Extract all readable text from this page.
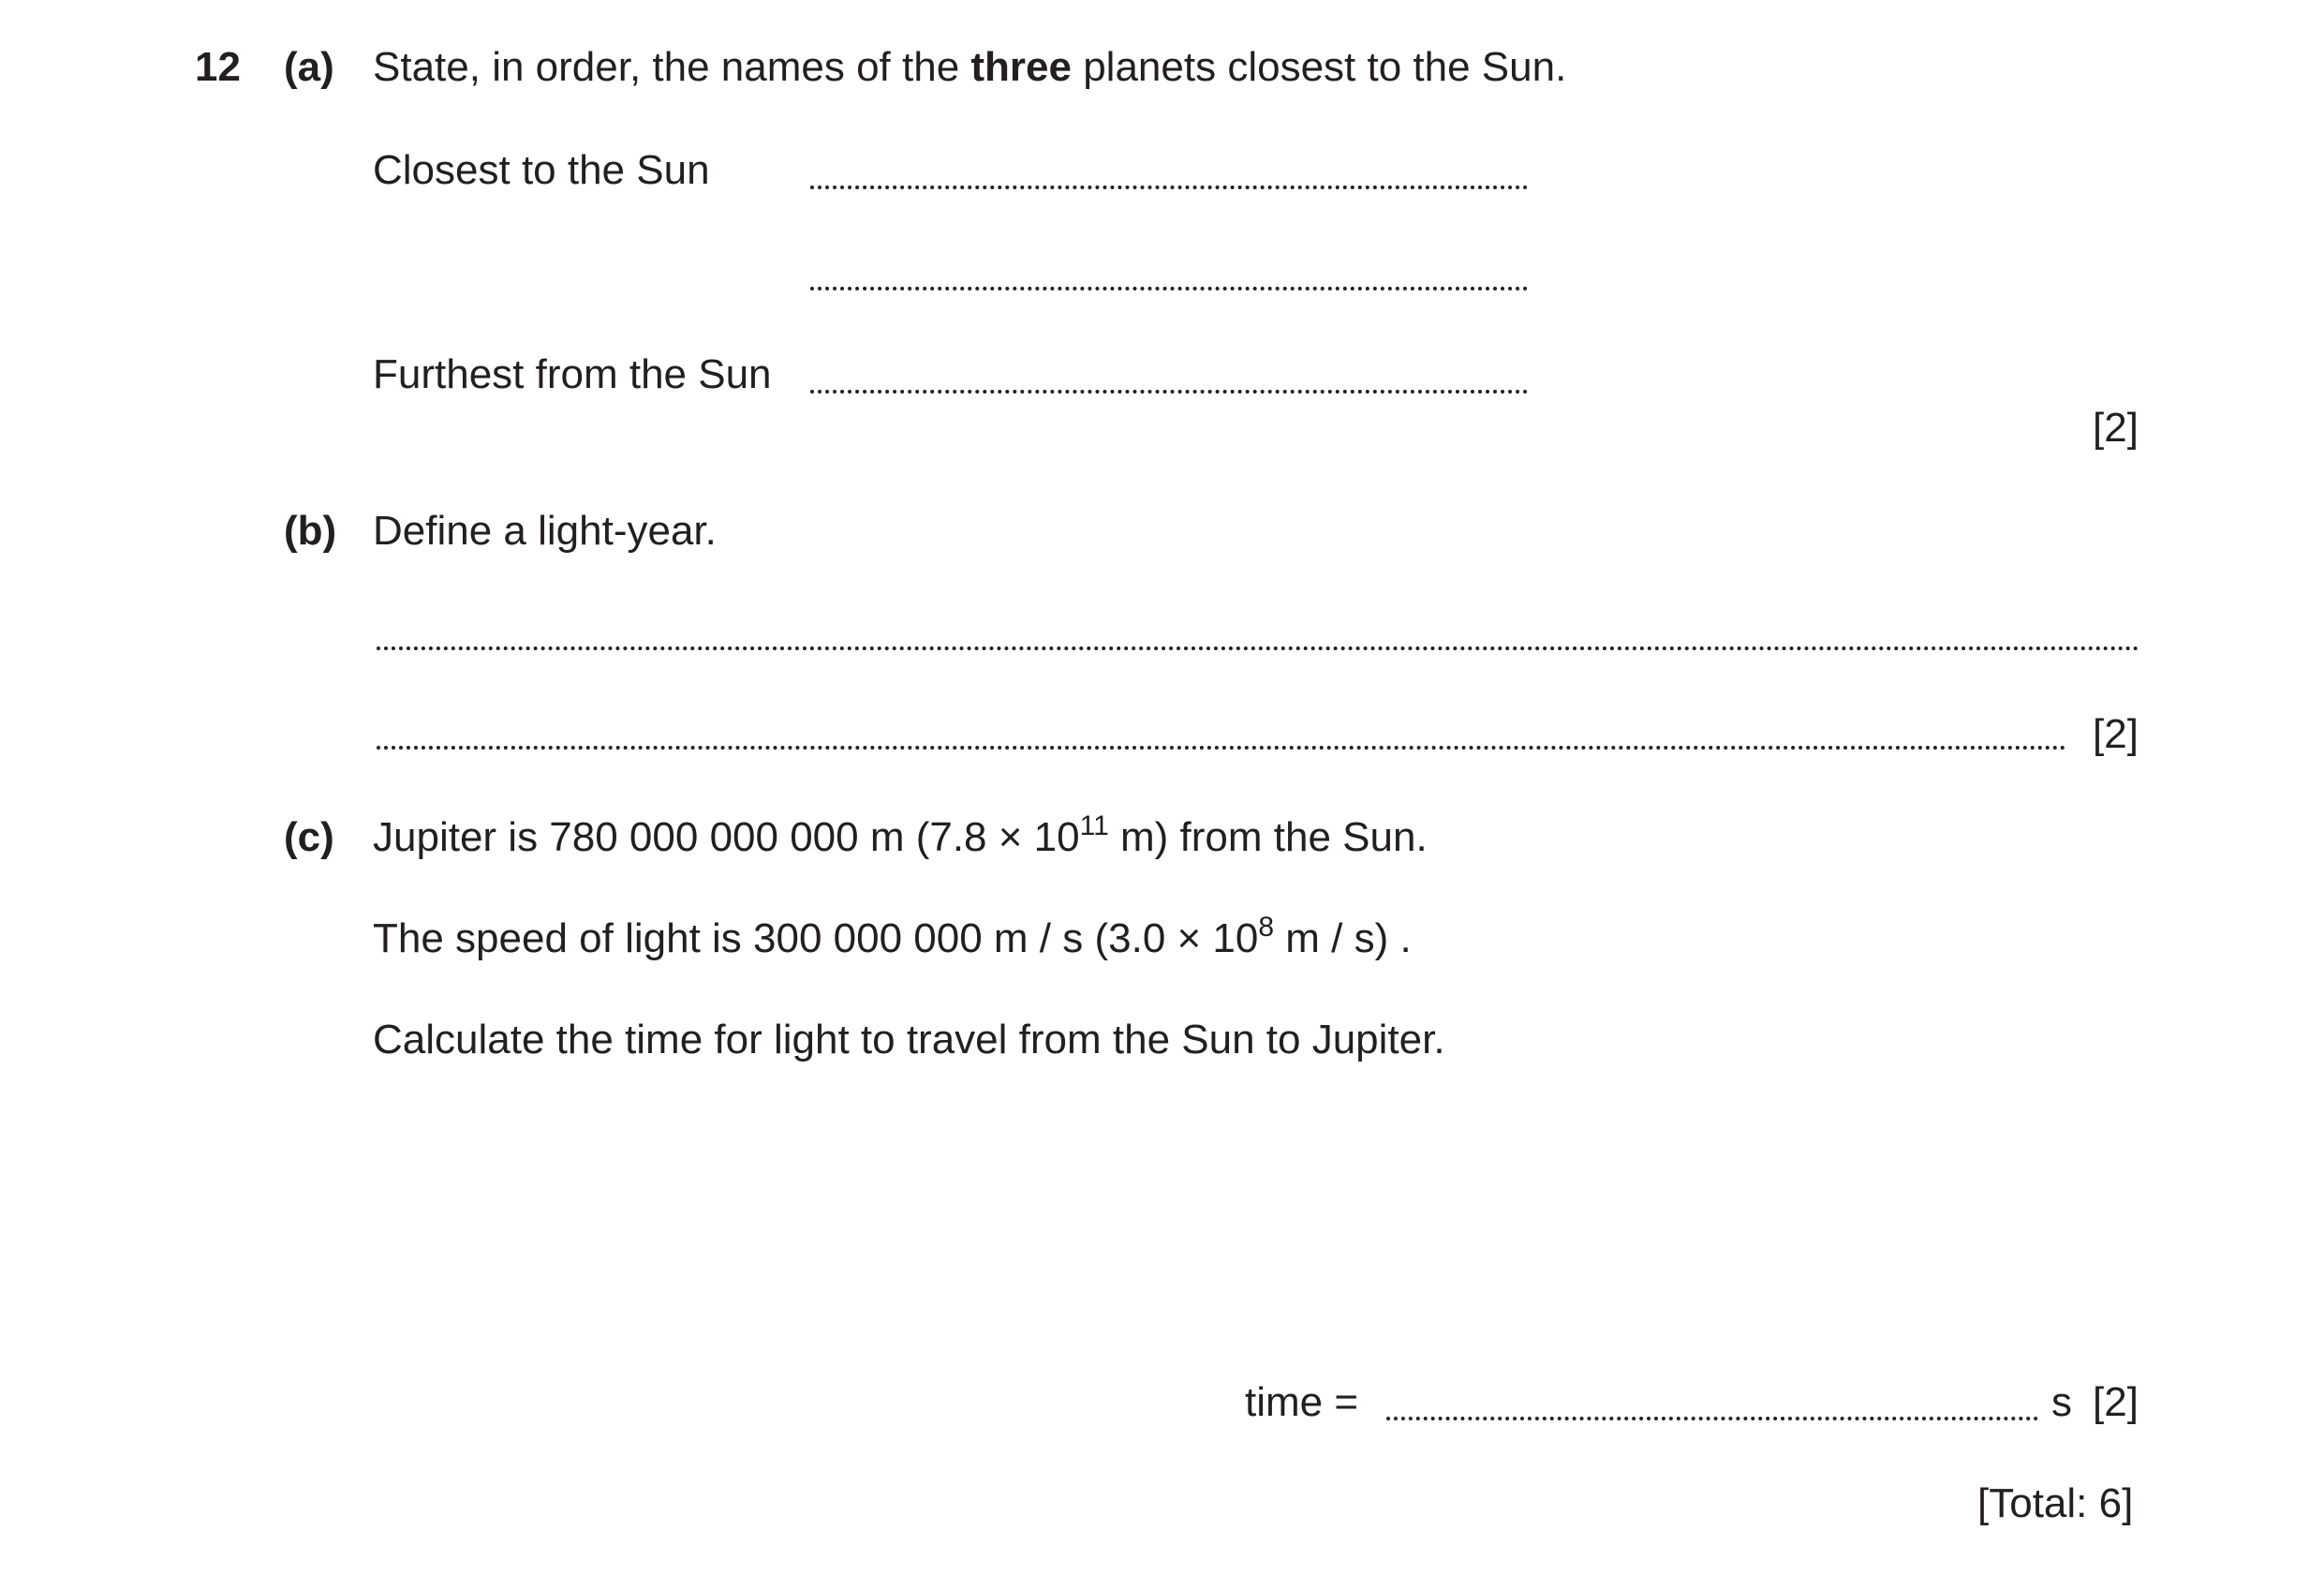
12 (a) State, in order, the names of the three planets closest to the Sun.
Closest to the Sun
Furthest from the Sun
[2]
(b) Define a light-year.
[2]
(c) Jupiter is 780 000 000 000 m ($7.8 \times 10^{11}$ m) from the Sun.
The speed of light is 300 000 000 m / s ($3.0 \times 10^8$ m / s) .
Calculate the time for light to travel from the Sun to Jupiter.
time =	s [2]
[Total: 6]
